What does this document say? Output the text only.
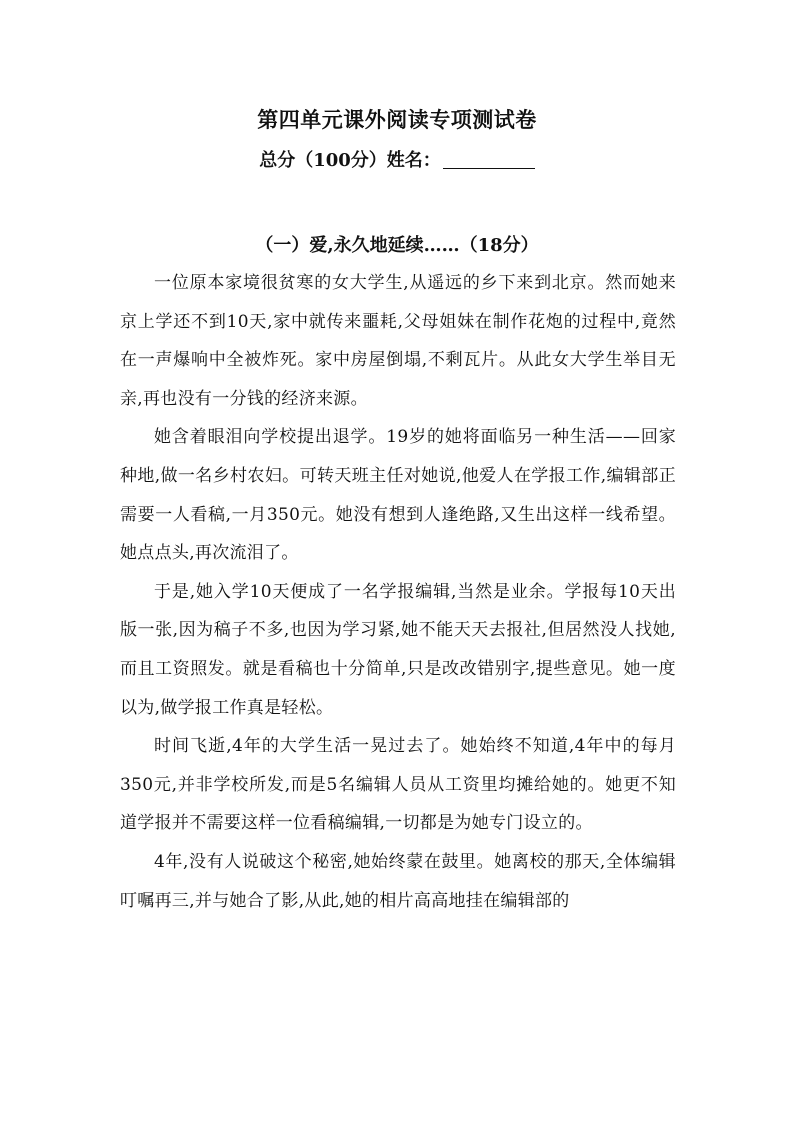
第四单元课外阅读专项测试卷
总分（100分）姓名：
（一）爱,永久地延续……（18分）

一位原本家境很贫寒的女大学生,从遥远的乡下来到北京。然而她来京上学还不到10天,家中就传来噩耗,父母姐妹在制作花炮的过程中,竟然在一声爆响中全被炸死。家中房屋倒塌,不剩瓦片。从此女大学生举目无亲,再也没有一分钱的经济来源。

她含着眼泪向学校提出退学。19岁的她将面临另一种生活——回家种地,做一名乡村农妇。可转天班主任对她说,他爱人在学报工作,编辑部正需要一人看稿,一月350元。她没有想到人逢绝路,又生出这样一线希望。她点点头,再次流泪了。

于是,她入学10天便成了一名学报编辑,当然是业余。学报每10天出版一张,因为稿子不多,也因为学习紧,她不能天天去报社,但居然没人找她,而且工资照发。就是看稿也十分简单,只是改改错别字,提些意见。她一度以为,做学报工作真是轻松。

时间飞逝,4年的大学生活一晃过去了。她始终不知道,4年中的每月350元,并非学校所发,而是5名编辑人员从工资里均摊给她的。她更不知道学报并不需要这样一位看稿编辑,一切都是为她专门设立的。

4年,没有人说破这个秘密,她始终蒙在鼓里。她离校的那天,全体编辑叮嘱再三,并与她合了影,从此,她的相片高高地挂在编辑部的
